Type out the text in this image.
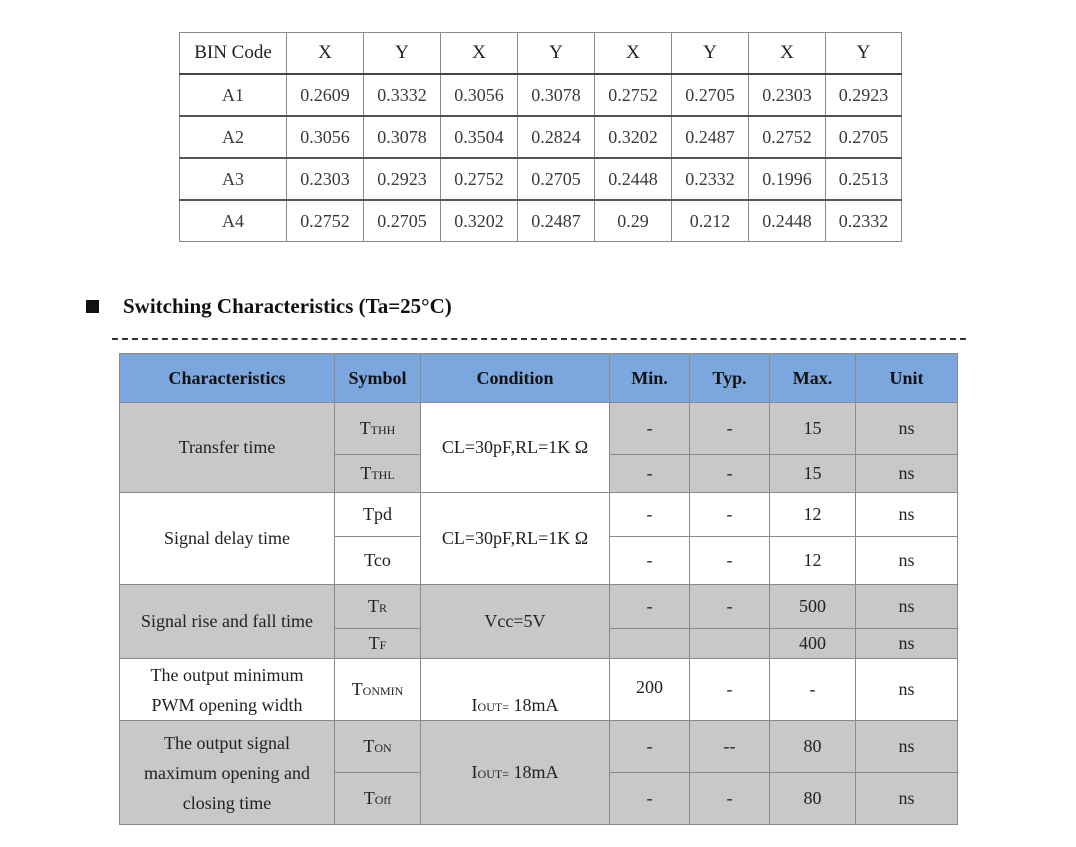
BIN Code	X	Y	X	Y	X	Y	X	Y
A1	0.2609	0.3332	0.3056	0.3078	0.2752	0.2705	0.2303	0.2923
A2	0.3056	0.3078	0.3504	0.2824	0.3202	0.2487	0.2752	0.2705
A3	0.2303	0.2923	0.2752	0.2705	0.2448	0.2332	0.1996	0.2513
A4	0.2752	0.2705	0.3202	0.2487	0.29	0.212	0.2448	0.2332
Switching Characteristics (Ta=25°C)
Characteristics	Symbol	Condition	Min.	Typ.	Max.	Unit
Transfer time	TTHH	CL=30pF,RL=1K Ω	-	-	15	ns
	TTHL		-	-	15	ns
Signal delay time	Tpd	CL=30pF,RL=1K Ω	-	-	12	ns
	Tco		-	-	12	ns
Signal rise and fall time	TR	Vcc=5V	-	-	500	ns
	TF				400	ns

The output minimum
PWM opening width	TONMIN	IOUT= 18mA	200	-	-	ns

The output signal
maximum opening and
closing time	TON	IOUT= 18mA	-	--	80	ns
	TOff		-	-	80	ns
